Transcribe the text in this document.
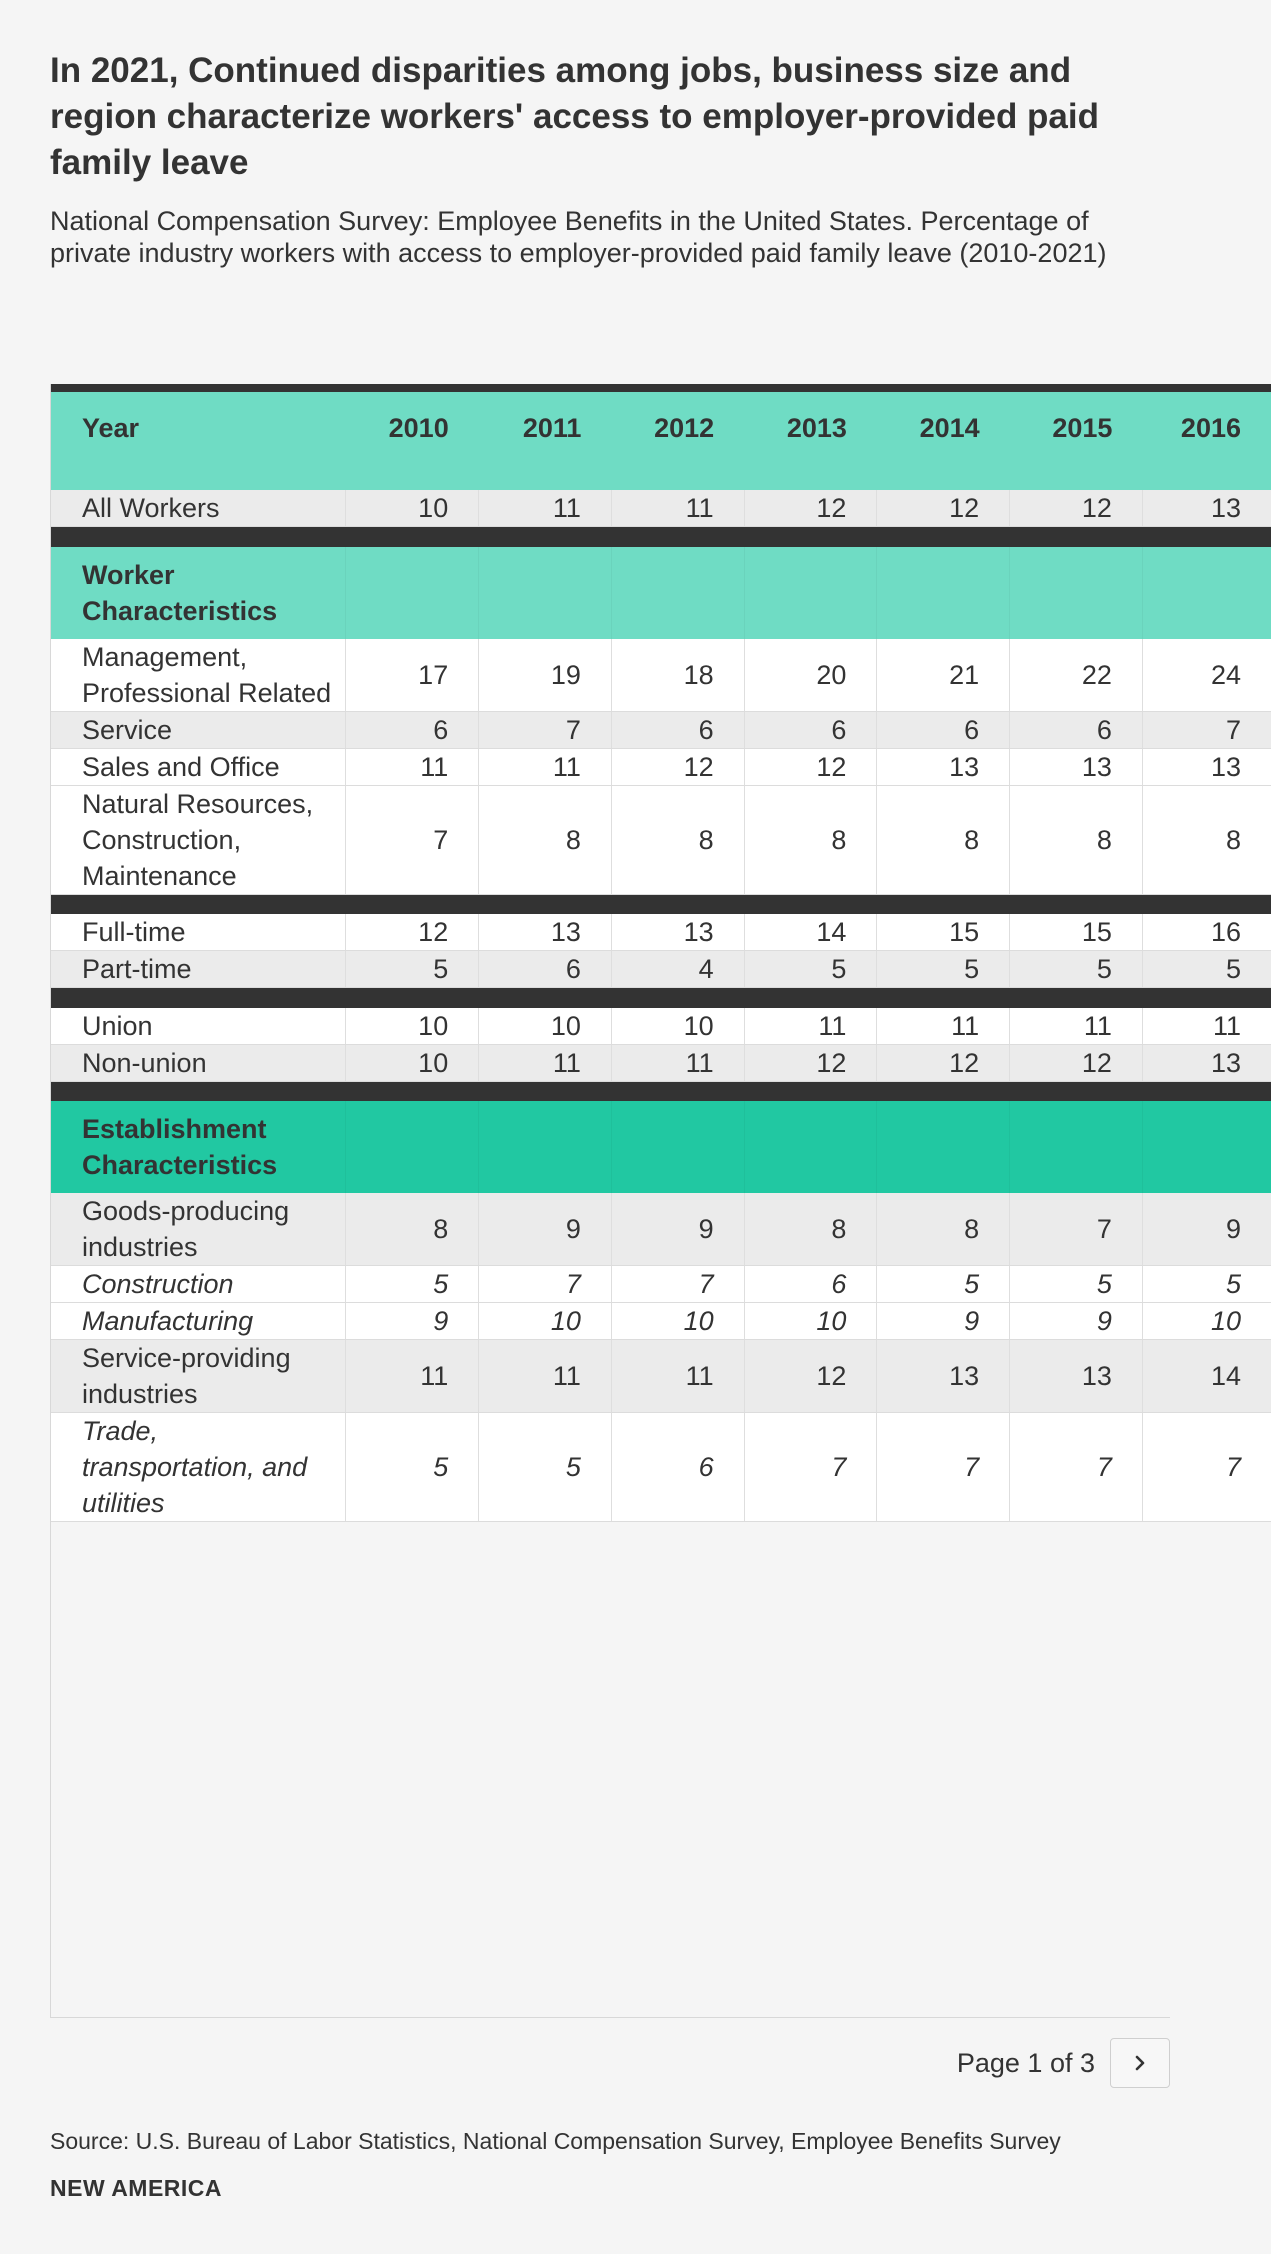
In 2021, Continued disparities among jobs, business size and region characterize workers' access to employer-provided paid family leave

National Compensation Survey: Employee Benefits in the United States. Percentage of private industry workers with access to employer-provided paid family leave (2010-2021)

Year	2010	2011	2012	2013	2014	2015	2016
All Workers	10	11	11	12	12	12	13

Worker Characteristics							
Management, Professional Related	17	19	18	20	21	22	24
Service	6	7	6	6	6	6	7
Sales and Office	11	11	12	12	13	13	13
Natural Resources, Construction, Maintenance	7	8	8	8	8	8	8

Full-time	12	13	13	14	15	15	16
Part-time	5	6	4	5	5	5	5

Union	10	10	10	11	11	11	11
Non-union	10	11	11	12	12	12	13

Establishment Characteristics							
Goods-producing industries	8	9	9	8	8	7	9
Construction	5	7	7	6	5	5	5
Manufacturing	9	10	10	10	9	9	10
Service-providing industries	11	11	11	12	13	13	14
Trade, transportation, and utilities	5	5	6	7	7	7	7
Page 1 of 3
Source: U.S. Bureau of Labor Statistics, National Compensation Survey, Employee Benefits Survey
NEW AMERICA
